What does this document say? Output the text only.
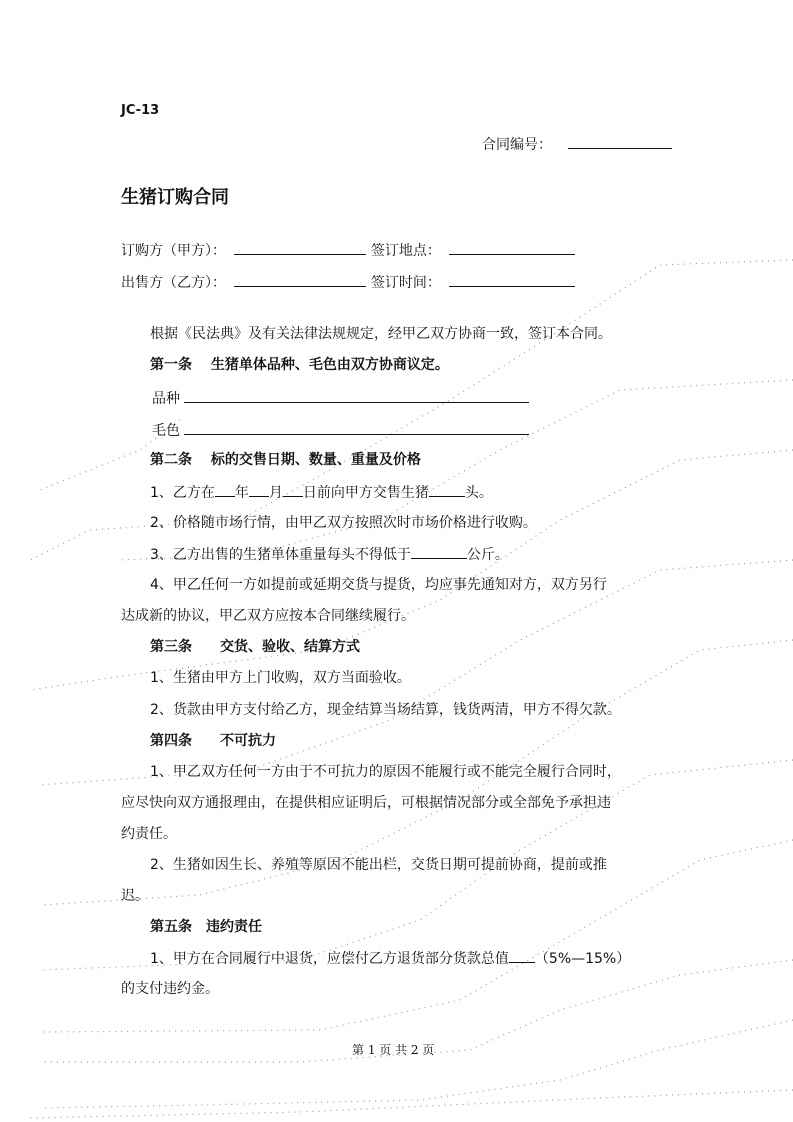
JC-13
合同编号：
生猪订购合同
订购方（甲方）：	签订地点：
出售方（乙方）：	签订时间：
根据《民法典》及有关法律法规规定，经甲乙双方协商一致，签订本合同。
第一条　 生猪单体品种、毛色由双方协商议定。
品种
毛色
第二条　 标的交售日期、数量、重量及价格
1、乙方在 年 月 日前向甲方交售生猪	头。
2、价格随市场行情，由甲乙双方按照次时市场价格进行收购。
3、乙方出售的生猪单体重量每头不得低于	公斤。
4、甲乙任何一方如提前或延期交货与提货，均应事先通知对方，双方另行
达成新的协议，甲乙双方应按本合同继续履行。
第三条　　交货、验收、结算方式
1、生猪由甲方上门收购，双方当面验收。
2、货款由甲方支付给乙方，现金结算当场结算，钱货两清，甲方不得欠款。
第四条　　不可抗力
1、甲乙双方任何一方由于不可抗力的原因不能履行或不能完全履行合同时，
应尽快向双方通报理由，在提供相应证明后，可根据情况部分或全部免予承担违
约责任。
2、生猪如因生长、养殖等原因不能出栏，交货日期可提前协商，提前或推
迟。
第五条　违约责任
1、甲方在合同履行中退货，应偿付乙方退货部分货款总值 （5%—15%）
的支付违约金。
第 1 页 共 2 页
